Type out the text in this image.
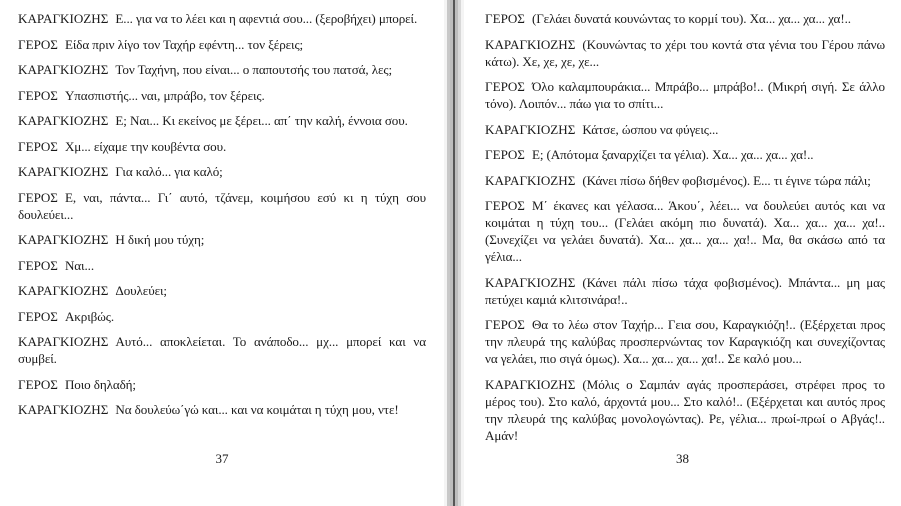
ΚΑΡΑΓΚΙΟΖΗΣ Ε... για να το λέει και η αφεντιά σου... (ξεροβήχει) μπορεί.

ΓΕΡΟΣ Είδα πριν λίγο τον Ταχήρ εφέντη... τον ξέρεις;

ΚΑΡΑΓΚΙΟΖΗΣ Τον Ταχήνη, που είναι... ο παπουτσής του πατσά, λες;

ΓΕΡΟΣ Υπασπιστής... ναι, μπράβο, τον ξέρεις.

ΚΑΡΑΓΚΙΟΖΗΣ Ε; Ναι... Κι εκείνος με ξέρει... απ΄ την καλή, έννοια σου.

ΓΕΡΟΣ Χμ... είχαμε την κουβέντα σου.

ΚΑΡΑΓΚΙΟΖΗΣ Για καλό... για καλό;

ΓΕΡΟΣ Ε, ναι, πάντα... Γι΄ αυτό, τζάνεμ, κοιμήσου εσύ κι η τύχη σου δουλεύει...

ΚΑΡΑΓΚΙΟΖΗΣ Η δική μου τύχη;

ΓΕΡΟΣ Ναι...

ΚΑΡΑΓΚΙΟΖΗΣ Δουλεύει;

ΓΕΡΟΣ Ακριβώς.

ΚΑΡΑΓΚΙΟΖΗΣ Αυτό... αποκλείεται. Το ανάποδο... μχ... μπορεί και να συμβεί.

ΓΕΡΟΣ Ποιο δηλαδή;

ΚΑΡΑΓΚΙΟΖΗΣ Να δουλεύω΄γώ και... και να κοιμάται η τύχη μου, ντε!

37

ΓΕΡΟΣ (Γελάει δυνατά κουνώντας το κορμί του). Χα... χα... χα... χα!..

ΚΑΡΑΓΚΙΟΖΗΣ (Κουνώντας το χέρι του κοντά στα γένια του Γέρου πάνω κάτω). Χε, χε, χε, χε...

ΓΕΡΟΣ Όλο καλαμπουράκια... Μπράβο... μπράβο!.. (Μικρή σιγή. Σε άλλο τόνο). Λοιπόν... πάω για το σπίτι...

ΚΑΡΑΓΚΙΟΖΗΣ Κάτσε, ώσπου να φύγεις...

ΓΕΡΟΣ Ε; (Απότομα ξαναρχίζει τα γέλια). Χα... χα... χα... χα!..

ΚΑΡΑΓΚΙΟΖΗΣ (Κάνει πίσω δήθεν φοβισμένος). Ε... τι έγινε τώρα πάλι;

ΓΕΡΟΣ Μ΄ έκανες και γέλασα... Άκου΄, λέει... να δουλεύει αυτός και να κοιμάται η τύχη του... (Γελάει ακόμη πιο δυνατά). Χα... χα... χα... χα!.. (Συνεχίζει να γελάει δυνατά). Χα... χα... χα... χα!.. Μα, θα σκάσω από τα γέλια...

ΚΑΡΑΓΚΙΟΖΗΣ (Κάνει πάλι πίσω τάχα φοβισμένος). Μπάντα... μη μας πετύχει καμιά κλιτσινάρα!..

ΓΕΡΟΣ Θα το λέω στον Ταχήρ... Γεια σου, Καραγκιόζη!.. (Εξέρχεται προς την πλευρά της καλύβας προσπερνώντας τον Καραγκιόζη και συνεχίζοντας να γελάει, πιο σιγά όμως). Χα... χα... χα... χα!.. Σε καλό μου...

ΚΑΡΑΓΚΙΟΖΗΣ (Μόλις ο Σαμπάν αγάς προσπεράσει, στρέφει προς το μέρος του). Στο καλό, άρχοντά μου... Στο καλό!.. (Εξέρχεται και αυτός προς την πλευρά της καλύβας μονολογώντας). Ρε, γέλια... πρωί-πρωί ο Αβγάς!.. Αμάν!

38
